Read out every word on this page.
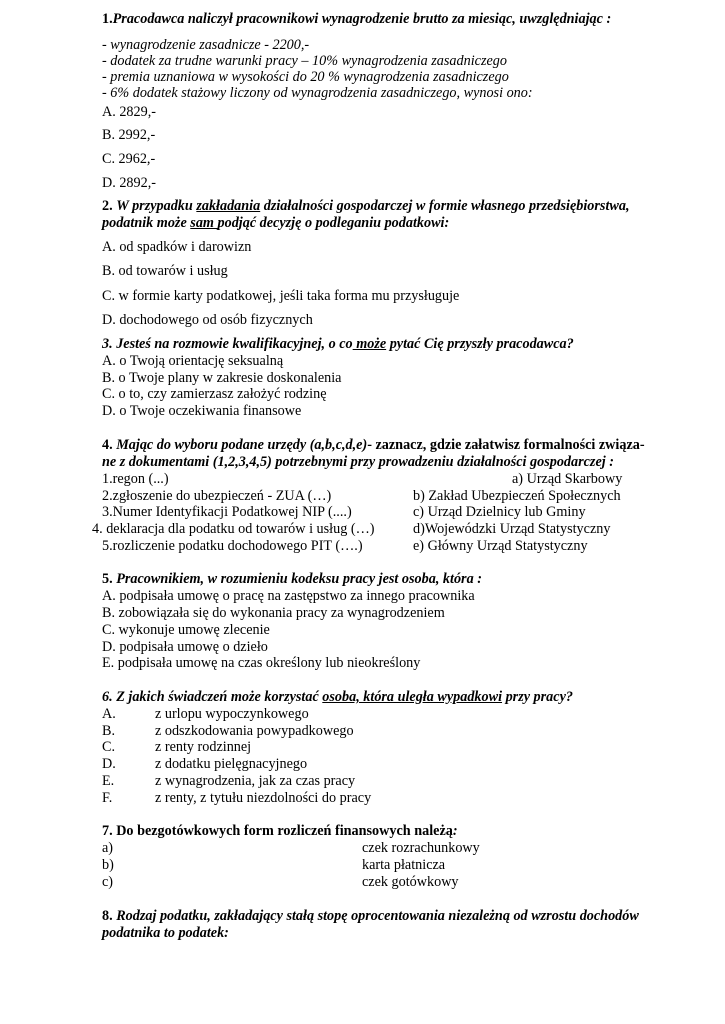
1.Pracodawca naliczył pracownikowi wynagrodzenie brutto za miesiąc, uwzględniając :
- wynagrodzenie zasadnicze - 2200,-
- dodatek za trudne warunki pracy – 10% wynagrodzenia zasadniczego
- premia uznaniowa w wysokości do 20 % wynagrodzenia zasadniczego
- 6% dodatek stażowy liczony od wynagrodzenia zasadniczego, wynosi ono:
A. 2829,-
B. 2992,-
C. 2962,-
D. 2892,-
2. W przypadku zakładania działalności gospodarczej w formie własnego przedsiębiorstwa,
podatnik może sam podjąć decyzję o podleganiu podatkowi:
A. od spadków i darowizn
B. od towarów i usług
C. w formie karty podatkowej, jeśli taka forma mu przysługuje
D. dochodowego od osób fizycznych
3. Jesteś na rozmowie kwalifikacyjnej, o co może pytać Cię przyszły pracodawca?
A. o Twoją orientację seksualną
B. o Twoje plany w zakresie doskonalenia
C. o to, czy zamierzasz założyć rodzinę
D. o Twoje oczekiwania finansowe
4. Mając do wyboru podane urzędy (a,b,c,d,e)- zaznacz, gdzie załatwisz formalności związa-
ne z dokumentami (1,2,3,4,5) potrzebnymi przy prowadzeniu działalności gospodarczej :
1.regon (...)	a) Urząd Skarbowy
2.zgłoszenie do ubezpieczeń - ZUA (…)	b) Zakład Ubezpieczeń Społecznych
3.Numer Identyfikacji Podatkowej NIP (....)	c) Urząd Dzielnicy lub Gminy
4. deklaracja dla podatku od towarów i usług (…)	d)Wojewódzki Urząd Statystyczny
5.rozliczenie podatku dochodowego PIT (….)	e) Główny Urząd Statystyczny
5. Pracownikiem, w rozumieniu kodeksu pracy jest osoba, która :
A. podpisała umowę o pracę na zastępstwo za innego pracownika
B. zobowiązała się do wykonania pracy za wynagrodzeniem
C. wykonuje umowę zlecenie
D. podpisała umowę o dzieło
E. podpisała umowę na czas określony lub nieokreślony
6. Z jakich świadczeń może korzystać osoba, która uległa wypadkowi przy pracy?
A.	z urlopu wypoczynkowego
B.	z odszkodowania powypadkowego
C.	z renty rodzinnej
D.	z dodatku pielęgnacyjnego
E.	z wynagrodzenia, jak za czas pracy
F.	z renty, z tytułu niezdolności do pracy
7. Do bezgotówkowych form rozliczeń finansowych należą:
a)	czek rozrachunkowy
b)	karta płatnicza
c)	czek gotówkowy
8. Rodzaj podatku, zakładający stałą stopę oprocentowania niezależną od wzrostu dochodów
podatnika to podatek:
